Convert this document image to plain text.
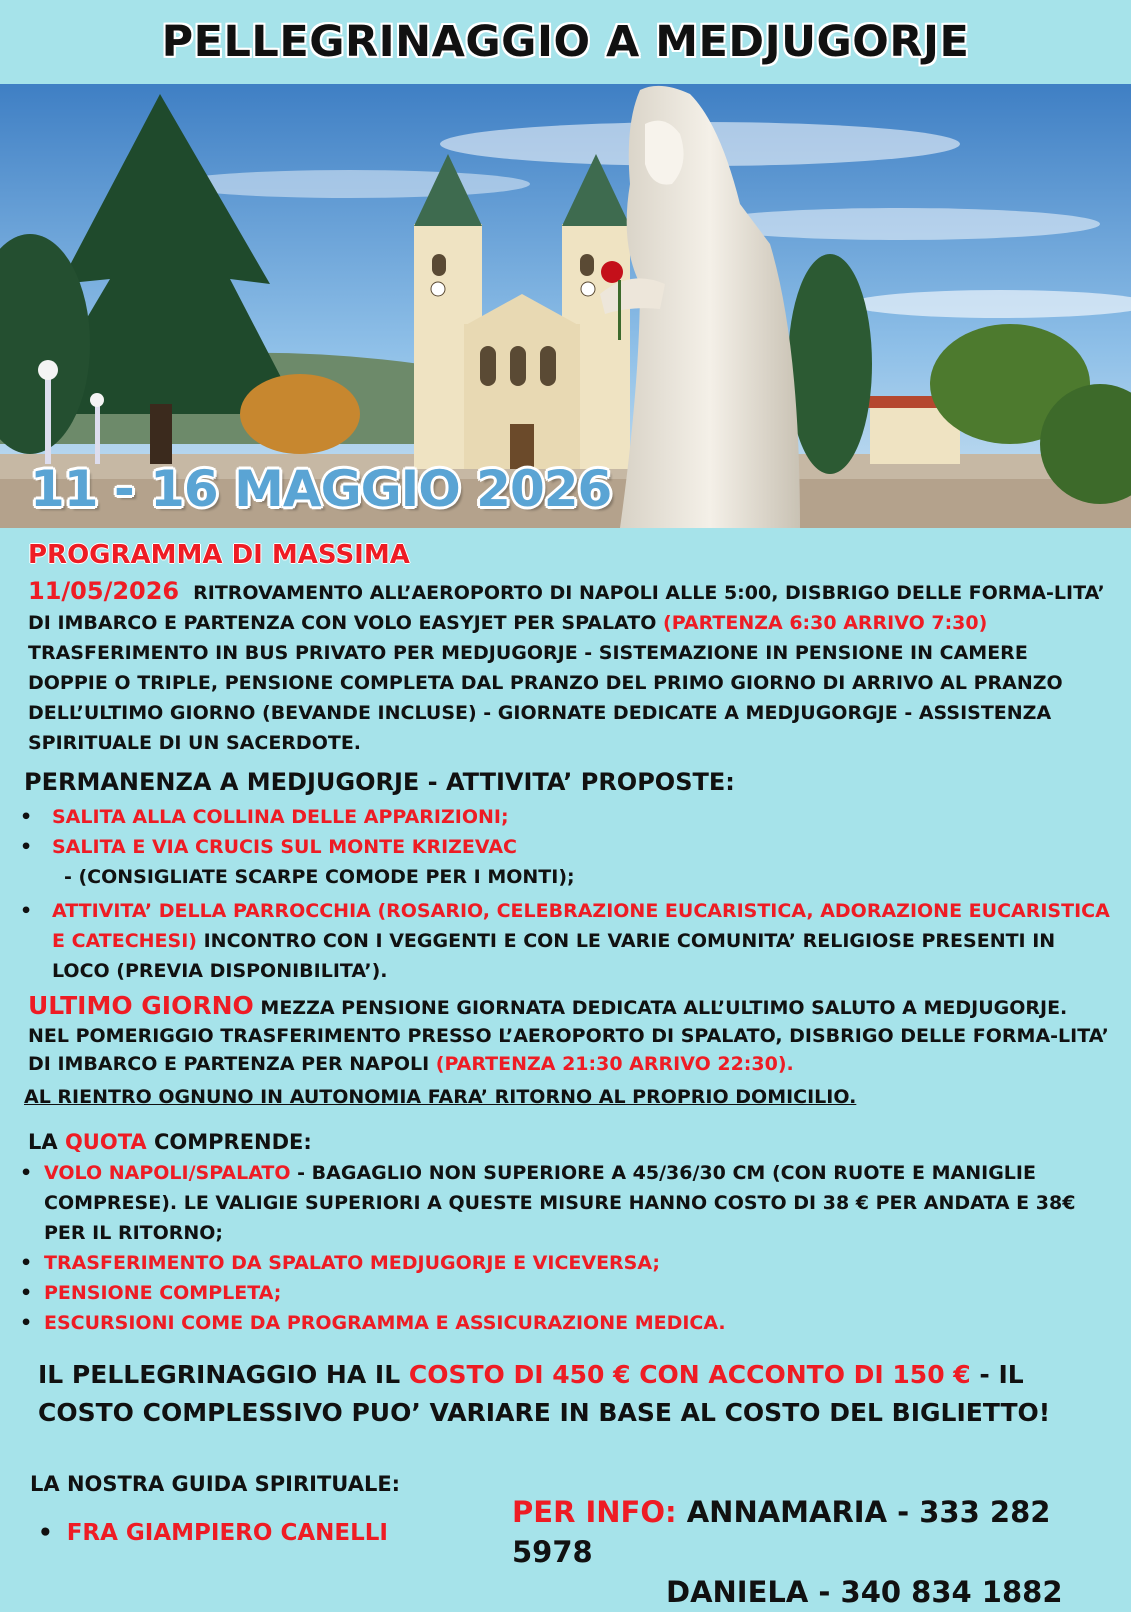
PELLEGRINAGGIO A MEDJUGORJE
11 - 16 MAGGIO 2026
PROGRAMMA DI MASSIMA
11/05/2026 RITROVAMENTO ALL’AEROPORTO DI NAPOLI ALLE 5:00, DISBRIGO DELLE FORMA-LITA’ DI IMBARCO E PARTENZA CON VOLO EASYJET PER SPALATO (PARTENZA 6:30 ARRIVO 7:30) TRASFERIMENTO IN BUS PRIVATO PER MEDJUGORJE - SISTEMAZIONE IN PENSIONE IN CAMERE DOPPIE O TRIPLE, PENSIONE COMPLETA DAL PRANZO DEL PRIMO GIORNO DI ARRIVO AL PRANZO DELL’ULTIMO GIORNO (BEVANDE INCLUSE) - GIORNATE DEDICATE A MEDJUGORGJE - ASSISTENZA SPIRITUALE DI UN SACERDOTE.
PERMANENZA A MEDJUGORJE - ATTIVITA’ PROPOSTE:
• SALITA ALLA COLLINA DELLE APPARIZIONI;
• SALITA E VIA CRUCIS SUL MONTE KRIZEVAC
- (CONSIGLIATE SCARPE COMODE PER I MONTI);
• ATTIVITA’ DELLA PARROCCHIA (ROSARIO, CELEBRAZIONE EUCARISTICA, ADORAZIONE EUCARISTICA E CATECHESI) INCONTRO CON I VEGGENTI E CON LE VARIE COMUNITA’ RELIGIOSE PRESENTI IN LOCO (PREVIA DISPONIBILITA’).
ULTIMO GIORNO MEZZA PENSIONE GIORNATA DEDICATA ALL’ULTIMO SALUTO A MEDJUGORJE. NEL POMERIGGIO TRASFERIMENTO PRESSO L’AEROPORTO DI SPALATO, DISBRIGO DELLE FORMA-LITA’ DI IMBARCO E PARTENZA PER NAPOLI (PARTENZA 21:30 ARRIVO 22:30).
AL RIENTRO OGNUNO IN AUTONOMIA FARA’ RITORNO AL PROPRIO DOMICILIO.
LA QUOTA COMPRENDE:
• VOLO NAPOLI/SPALATO - BAGAGLIO NON SUPERIORE A 45/36/30 CM (CON RUOTE E MANIGLIE COMPRESE). LE VALIGIE SUPERIORI A QUESTE MISURE HANNO COSTO DI 38 € PER ANDATA E 38€ PER IL RITORNO;
• TRASFERIMENTO DA SPALATO MEDJUGORJE E VICEVERSA;
• PENSIONE COMPLETA;
• ESCURSIONI COME DA PROGRAMMA E ASSICURAZIONE MEDICA.
IL PELLEGRINAGGIO HA IL COSTO DI 450 € CON ACCONTO DI 150 € - IL COSTO COMPLESSIVO PUO’ VARIARE IN BASE AL COSTO DEL BIGLIETTO!
LA NOSTRA GUIDA SPIRITUALE:
• FRA GIAMPIERO CANELLI
PER INFO: ANNAMARIA - 333 282 5978
DANIELA - 340 834 1882
